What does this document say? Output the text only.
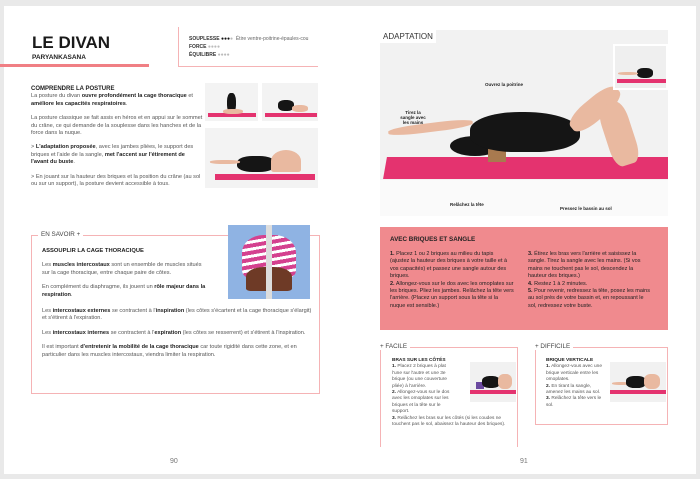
LE DIVAN
PARYANKASANA
SOUPLESSE ●●●● Étire ventre-poitrine-épaules-cou
FORCE ●●●●
ÉQUILIBRE ●●●●
COMPRENDRE LA POSTURE

La posture du divan ouvre profondément la cage thoracique et améliore les capacités respiratoires.

La posture classique se fait assis en héros et en appui sur le sommet du crâne, ce qui demande de la souplesse dans les hanches et de la force dans la nuque.

> L'adaptation proposée, avec les jambes pliées, le support des briques et l'aide de la sangle, met l'accent sur l'étirement de l'avant du buste.

> En jouant sur la hauteur des briques et la position du crâne (au sol ou sur un support), la posture devient accessible à tous.

EN SAVOIR +
ASSOUPLIR LA CAGE THORACIQUE

Les muscles intercostaux sont un ensemble de muscles situés sur la cage thoracique, entre chaque paire de côtes.

En complément du diaphragme, ils jouent un rôle majeur dans la respiration.

Les intercostaux externes se contractent à l'inspiration (les côtes s'écartent et la cage thoracique s'élargit) et s'étirent à l'expiration.

Les intercostaux internes se contractent à l'expiration (les côtes se resserrent) et s'étirent à l'inspiration.

Il est important d'entretenir la mobilité de la cage thoracique car toute rigidité dans cette zone, et en particulier dans les muscles intercostaux, viendra limiter la respiration.

90
ADAPTATION
Ouvrez la poitrine
Tirez la sangle avec les mains
Relâchez la tête
Pressez le bassin au sol
AVEC BRIQUES ET SANGLE

1. Placez 1 ou 2 briques au milieu du tapis (ajustez la hauteur des briques à votre taille et à vos capacités) et passez une sangle autour des briques.

2. Allongez-vous sur le dos avec les omoplates sur les briques. Pliez les jambes. Relâchez la tête vers l'arrière. (Placez un support sous la tête si la nuque est sensible.)

3. Étirez les bras vers l'arrière et saisissez la sangle. Tirez la sangle avec les mains. (Si vos mains ne touchent pas le sol, descendez la hauteur des briques.)

4. Restez 1 à 2 minutes.

5. Pour revenir, redressez la tête, posez les mains au sol près de votre bassin et, en repoussant le sol, redressez votre buste.

+ FACILE
BRAS SUR LES CÔTÉS

1. Placez 2 briques à plat l'une sur l'autre et une 3e brique (ou une couverture pliée) à l'arrière.

2. Allongez-vous sur le dos avec les omoplates sur les briques et la tête sur le support.

3. Relâchez les bras sur les côtés (si les coudes ne touchent pas le sol, abaissez la hauteur des briques).

+ DIFFICILE
BRIQUE VERTICALE

1. Allongez-vous avec une brique verticale entre les omoplates.

2. En tirant la sangle, amenez les mains au sol.

3. Relâchez la tête vers le sol.

91
